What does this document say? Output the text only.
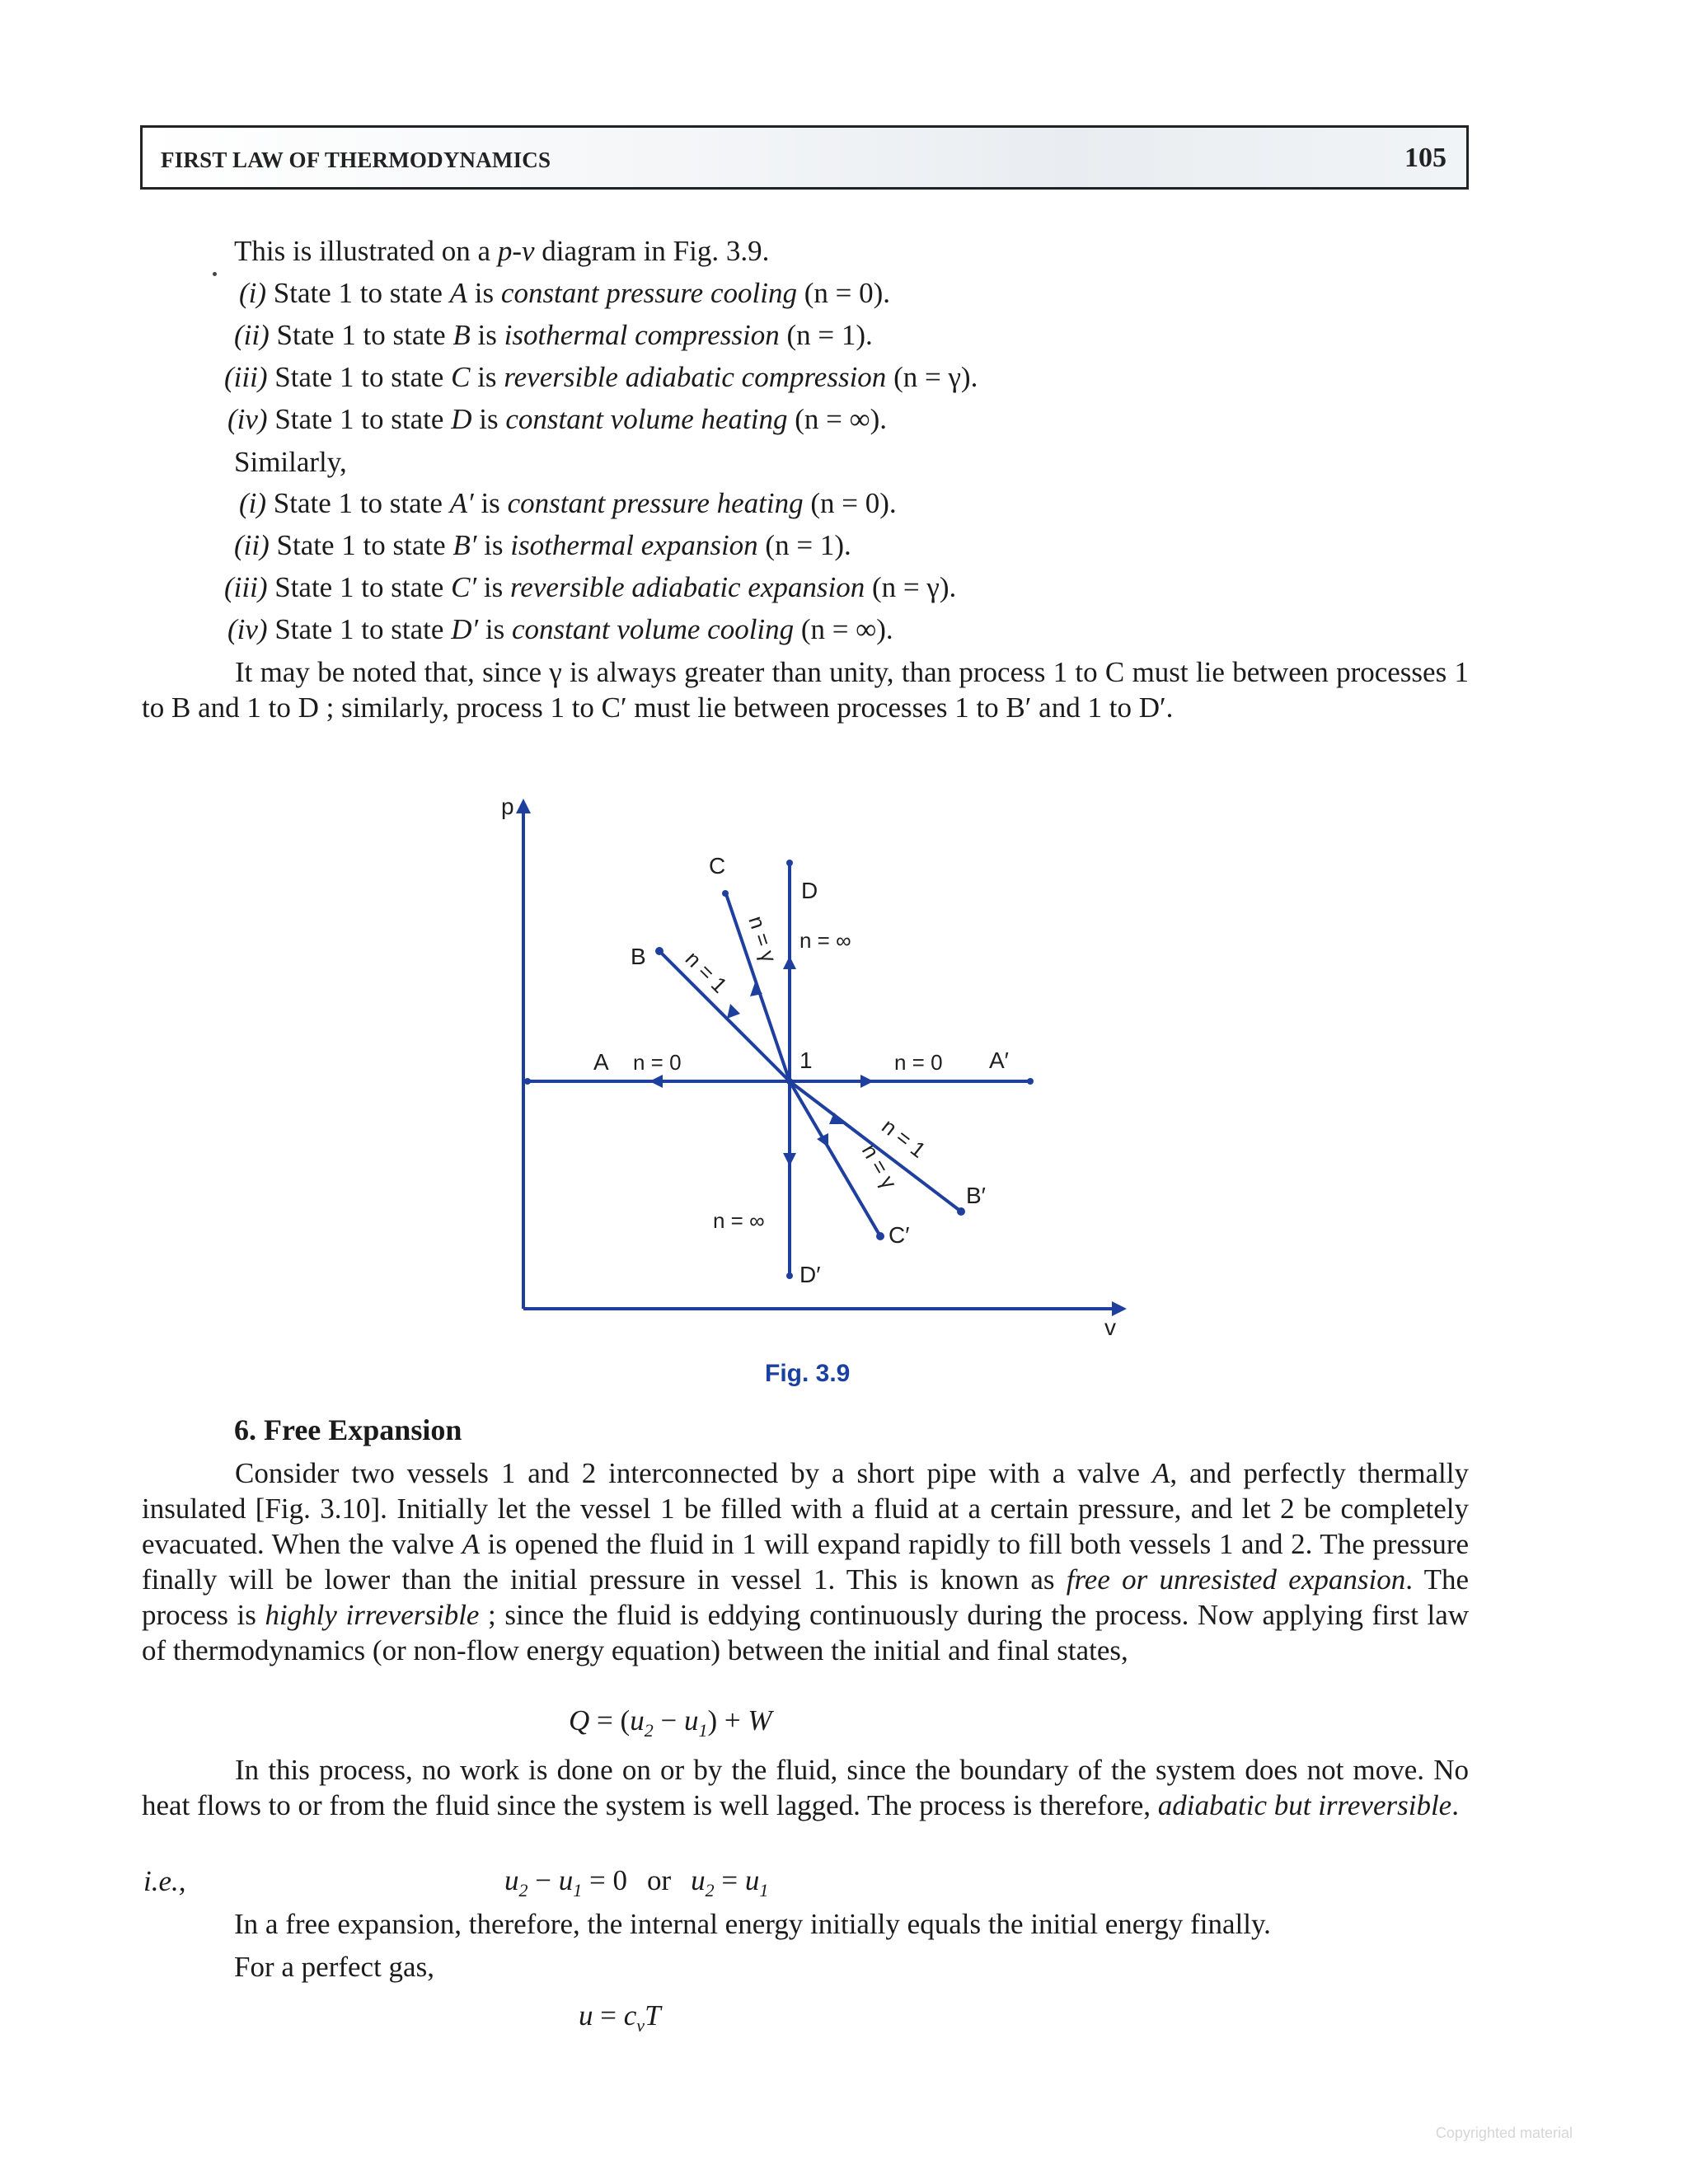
FIRST LAW OF THERMODYNAMICS	105
This is illustrated on a p-v diagram in Fig. 3.9.
(i) State 1 to state A is constant pressure cooling (n = 0).
(ii) State 1 to state B is isothermal compression (n = 1).
(iii) State 1 to state C is reversible adiabatic compression (n = γ).
(iv) State 1 to state D is constant volume heating (n = ∞).
Similarly,
(i) State 1 to state A′ is constant pressure heating (n = 0).
(ii) State 1 to state B′ is isothermal expansion (n = 1).
(iii) State 1 to state C′ is reversible adiabatic expansion (n = γ).
(iv) State 1 to state D′ is constant volume cooling (n = ∞).
It may be noted that, since γ is always greater than unity, than process 1 to C must lie between processes 1 to B and 1 to D ; similarly, process 1 to C′ must lie between processes 1 to B′ and 1 to D′.
p
v
C
D
B
A	1	A′
B′
C′
D′
n = 0	n = 0
n = ∞
n = ∞
n = 1
n = 1
n = γ
n = γ
Fig. 3.9
6. Free Expansion
Consider two vessels 1 and 2 interconnected by a short pipe with a valve A, and perfectly thermally insulated [Fig. 3.10]. Initially let the vessel 1 be filled with a fluid at a certain pressure, and let 2 be completely evacuated. When the valve A is opened the fluid in 1 will expand rapidly to fill both vessels 1 and 2. The pressure finally will be lower than the initial pressure in vessel 1. This is known as free or unresisted expansion. The process is highly irreversible ; since the fluid is eddying continuously during the process. Now applying first law of thermodynamics (or non-flow energy equation) between the initial and final states,
$Q = (u_2 - u_1) + W$
In this process, no work is done on or by the fluid, since the boundary of the system does not move. No heat flows to or from the fluid since the system is well lagged. The process is therefore, adiabatic but irreversible.
i.e.,	$u_2 - u_1 = 0$ or $u_2 = u_1$
In a free expansion, therefore, the internal energy initially equals the initial energy finally.
For a perfect gas,
$u = c_vT$
Copyrighted material
